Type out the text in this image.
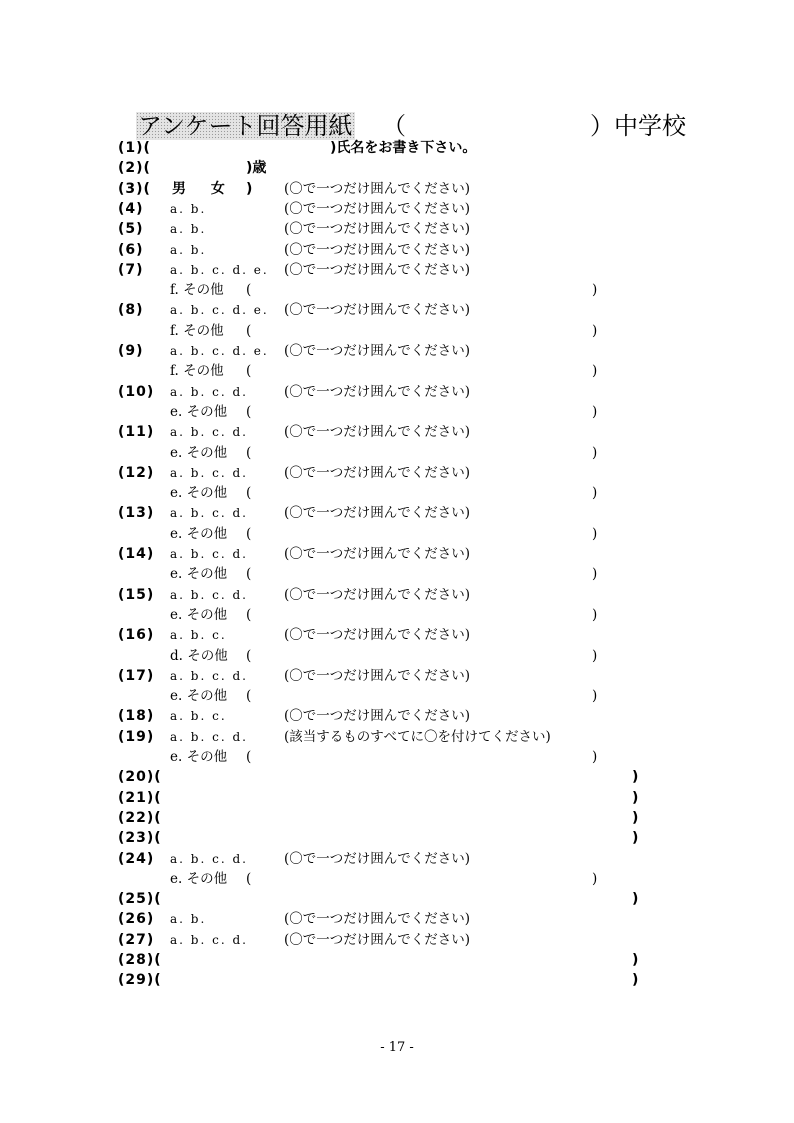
アンケート回答用紙 （	）中学校
(1)(	)氏名をお書き下さい。
(2)(	)歳
(3)( 男 女 ) (〇で一つだけ囲んでください)
(4) a. b.	(〇で一つだけ囲んでください)
(5) a. b.	(〇で一つだけ囲んでください)
(6) a. b.	(〇で一つだけ囲んでください)
(7) a. b. c. d. e. (〇で一つだけ囲んでください)
f. その他 (	)
(8) a. b. c. d. e. (〇で一つだけ囲んでください)
f. その他 (	)
(9) a. b. c. d. e. (〇で一つだけ囲んでください)
f. その他 (	)
(10) a. b. c. d.	(〇で一つだけ囲んでください)
e. その他 (	)
(11) a. b. c. d.	(〇で一つだけ囲んでください)
e. その他 (	)
(12) a. b. c. d.	(〇で一つだけ囲んでください)
e. その他 (	)
(13) a. b. c. d.	(〇で一つだけ囲んでください)
e. その他 (	)
(14) a. b. c. d.	(〇で一つだけ囲んでください)
e. その他 (	)
(15) a. b. c. d.	(〇で一つだけ囲んでください)
e. その他 (	)
(16) a. b. c.	(〇で一つだけ囲んでください)
d. その他 (	)
(17) a. b. c. d.	(〇で一つだけ囲んでください)
e. その他 (	)
(18) a. b. c.	(〇で一つだけ囲んでください)
(19) a. b. c. d.	(該当するものすべてに〇を付けてください)
e. その他 (	)
(20)(	)
(21)(	)
(22)(	)
(23)(	)
(24) a. b. c. d.	(〇で一つだけ囲んでください)
e. その他 (	)
(25)(	)
(26) a. b.	(〇で一つだけ囲んでください)
(27) a. b. c. d.	(〇で一つだけ囲んでください)
(28)(	)
(29)(	)
- 17 -
